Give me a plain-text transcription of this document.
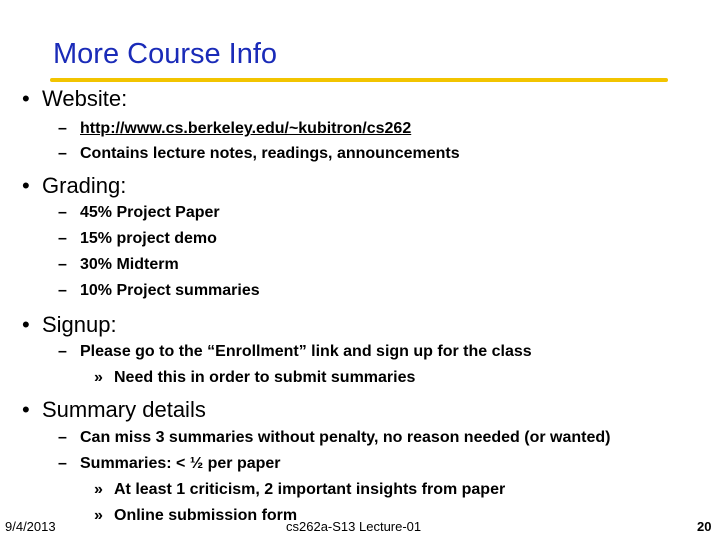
More Course Info
• Website:
– http://www.cs.berkeley.edu/~kubitron/cs262
– Contains lecture notes, readings, announcements
• Grading:
– 45% Project Paper
– 15% project demo
– 30% Midterm
– 10% Project summaries
• Signup:
– Please go to the “Enrollment” link and sign up for the class
» Need this in order to submit summaries
• Summary details
– Can miss 3 summaries without penalty, no reason needed (or wanted)
– Summaries: < ½ per paper
» At least 1 criticism, 2 important insights from paper
» Online submission form
9/4/2013	cs262a-S13 Lecture-01	20
